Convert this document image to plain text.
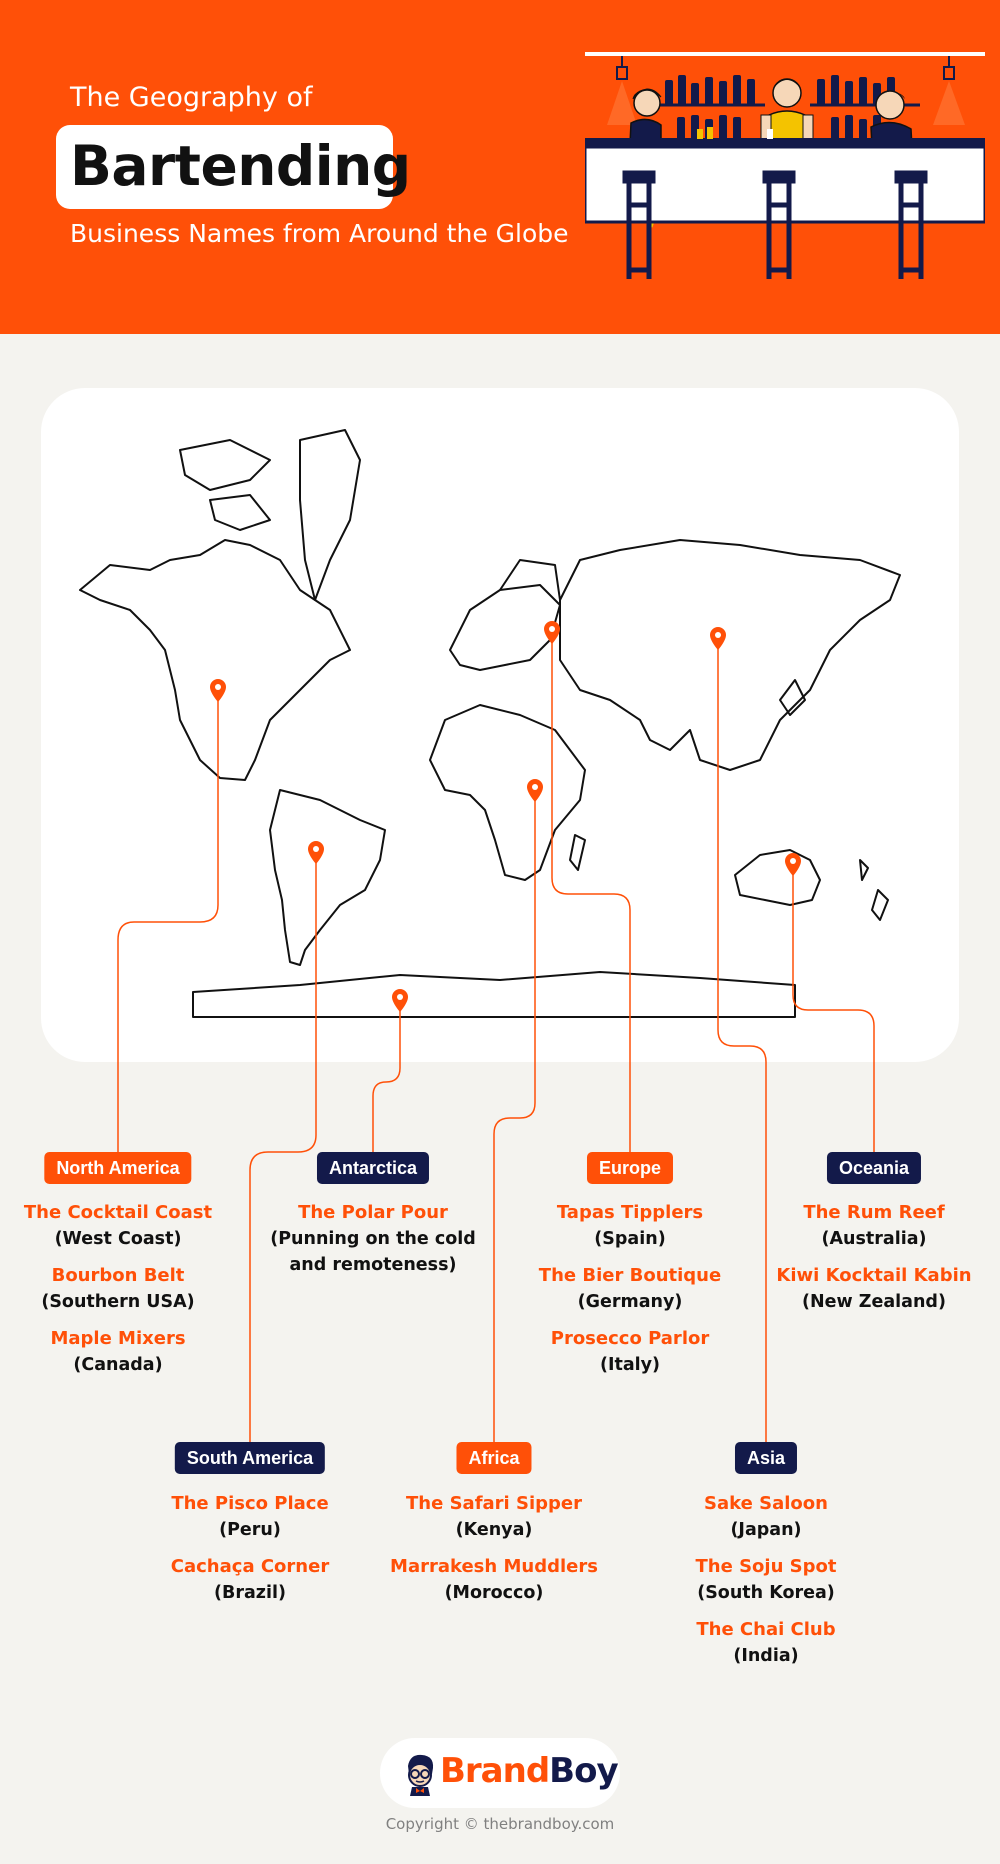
The Geography of
Bartending
Business Names from Around the Globe
North America
The Cocktail Coast
(West Coast)
Bourbon Belt
(Southern USA)
Maple Mixers
(Canada)
Antarctica
The Polar Pour
(Punning on the cold and remoteness)
Europe
Tapas Tipplers
(Spain)
The Bier Boutique
(Germany)
Prosecco Parlor
(Italy)
Oceania
The Rum Reef
(Australia)
Kiwi Kocktail Kabin
(New Zealand)
South America
The Pisco Place
(Peru)
Cachaça Corner
(Brazil)
Africa
The Safari Sipper
(Kenya)
Marrakesh Muddlers
(Morocco)
Asia
Sake Saloon
(Japan)
The Soju Spot
(South Korea)
The Chai Club
(India)
BrandBoy
Copyright © thebrandboy.com
